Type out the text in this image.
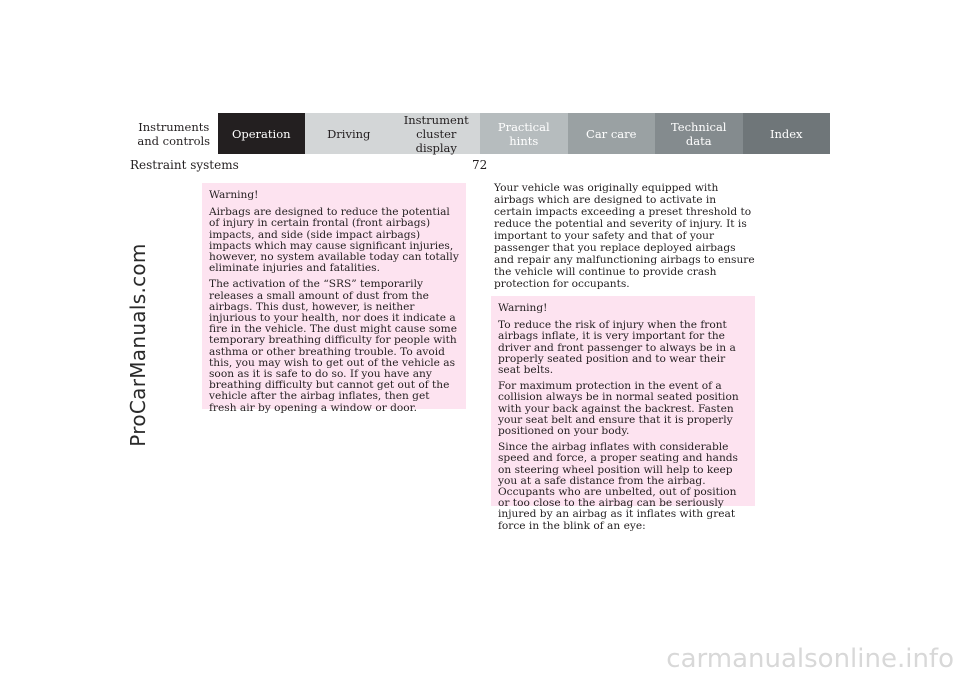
Instruments and controls	Operation	Driving
Instrument cluster display
Practical hints	Car care	Technical data	Index
Restraint systems	72
ProCarManuals.com

Warning!

Airbags are designed to reduce the potential of injury in certain frontal (front airbags) impacts, and side (side impact airbags) impacts which may cause significant injuries, however, no system available today can totally eliminate injuries and fatalities.

The activation of the “SRS” temporarily releases a small amount of dust from the airbags. This dust, however, is neither injurious to your health, nor does it indicate a fire in the vehicle. The dust might cause some temporary breathing difficulty for people with asthma or other breathing trouble. To avoid this, you may wish to get out of the vehicle as soon as it is safe to do so. If you have any breathing difficulty but cannot get out of the vehicle after the airbag inflates, then get fresh air by opening a window or door.

Your vehicle was originally equipped with airbags which are designed to activate in certain impacts exceeding a preset threshold to reduce the potential and severity of injury. It is important to your safety and that of your passenger that you replace deployed airbags and repair any malfunctioning airbags to ensure the vehicle will continue to provide crash protection for occupants.

Warning!

To reduce the risk of injury when the front airbags inflate, it is very important for the driver and front passenger to always be in a properly seated position and to wear their seat belts.

For maximum protection in the event of a collision always be in normal seated position with your back against the backrest. Fasten your seat belt and ensure that it is properly positioned on your body.

Since the airbag inflates with considerable speed and force, a proper seating and hands on steering wheel position will help to keep you at a safe distance from the airbag. Occupants who are unbelted, out of position or too close to the airbag can be seriously injured by an airbag as it inflates with great force in the blink of an eye:

carmanualsonline.info
